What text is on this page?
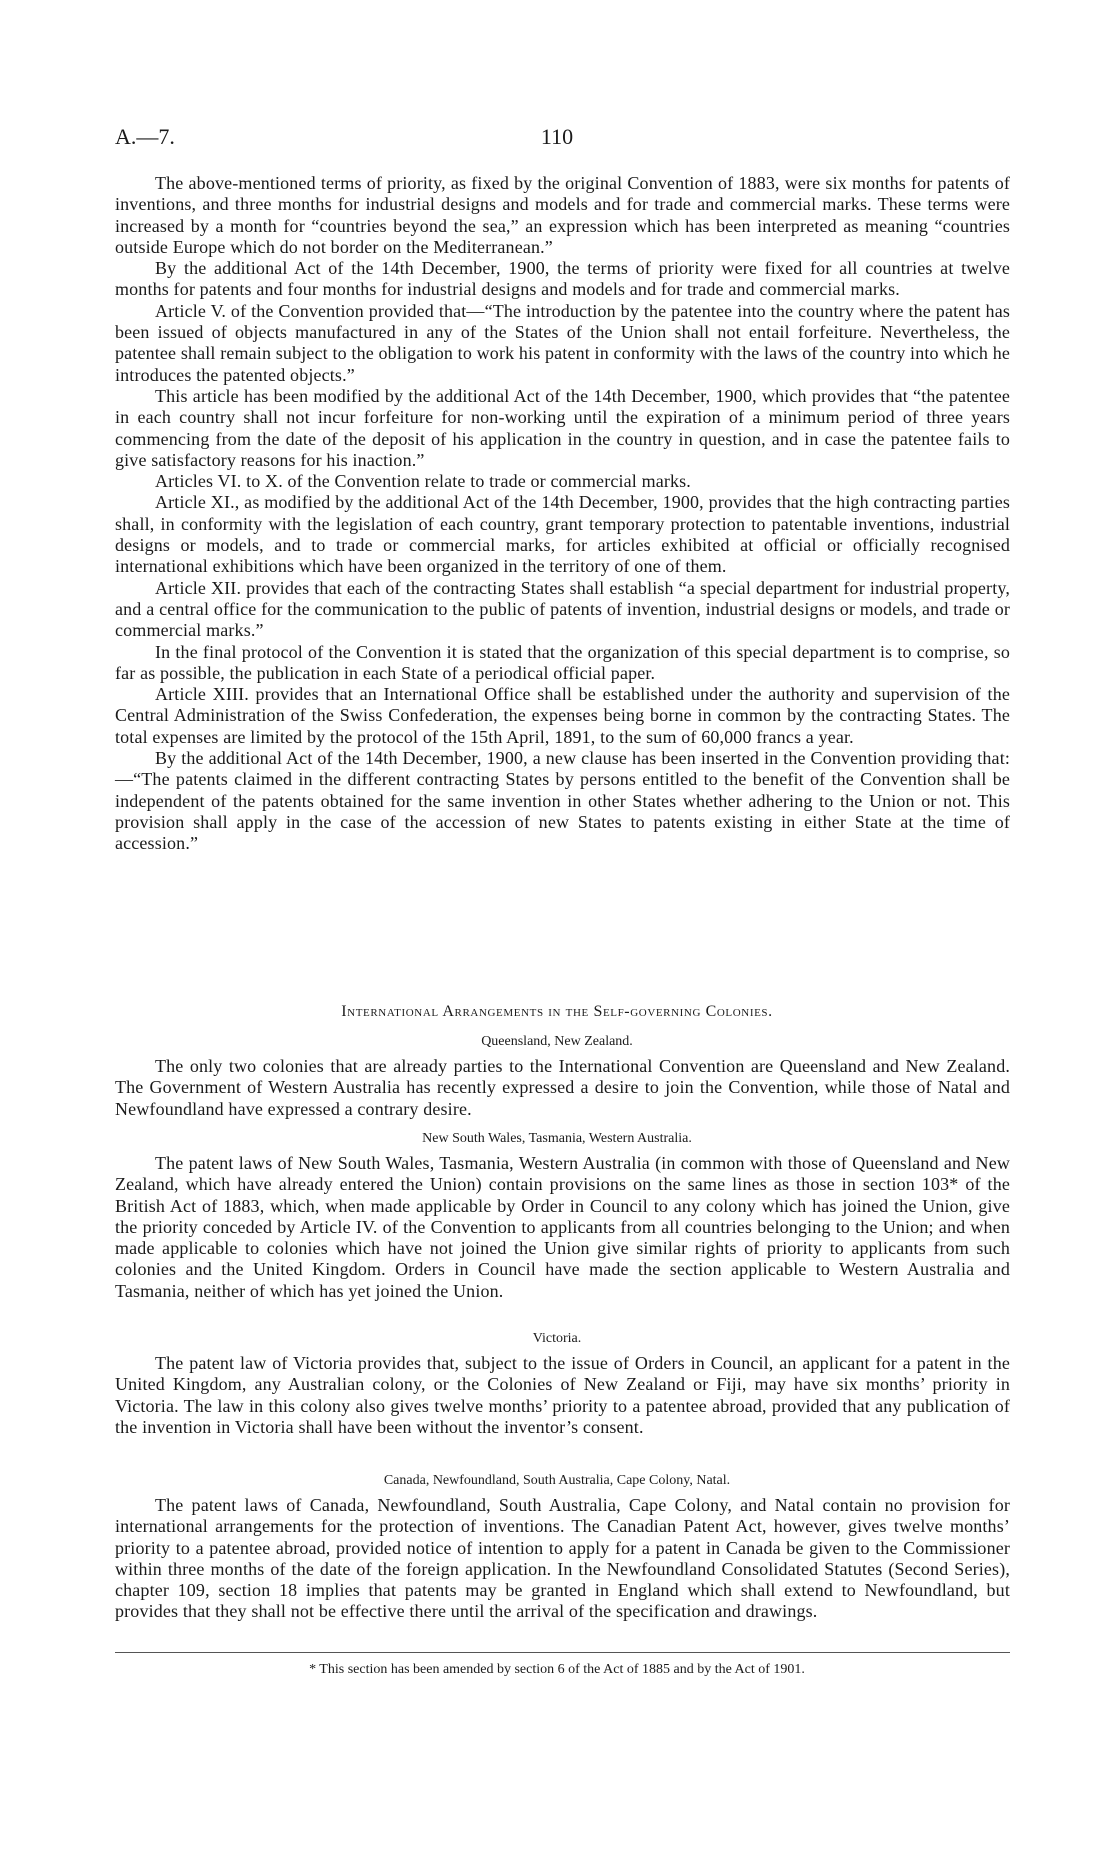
A.—7.	110

The above-mentioned terms of priority, as fixed by the original Convention of 1883, were six months for patents of inventions, and three months for industrial designs and models and for trade and commercial marks. These terms were increased by a month for “countries beyond the sea,” an expression which has been interpreted as meaning “countries outside Europe which do not border on the Mediterranean.”

By the additional Act of the 14th December, 1900, the terms of priority were fixed for all countries at twelve months for patents and four months for industrial designs and models and for trade and commercial marks.

Article V. of the Convention provided that—“The introduction by the patentee into the country where the patent has been issued of objects manufactured in any of the States of the Union shall not entail forfeiture. Nevertheless, the patentee shall remain subject to the obligation to work his patent in conformity with the laws of the country into which he introduces the patented objects.”

This article has been modified by the additional Act of the 14th December, 1900, which provides that “the patentee in each country shall not incur forfeiture for non-working until the expiration of a minimum period of three years commencing from the date of the deposit of his application in the country in question, and in case the patentee fails to give satisfactory reasons for his inaction.”

Articles VI. to X. of the Convention relate to trade or commercial marks.

Article XI., as modified by the additional Act of the 14th December, 1900, provides that the high contracting parties shall, in conformity with the legislation of each country, grant temporary protection to patentable inventions, industrial designs or models, and to trade or commercial marks, for articles exhibited at official or officially recognised international exhibitions which have been organized in the territory of one of them.

Article XII. provides that each of the contracting States shall establish “a special department for industrial property, and a central office for the communication to the public of patents of invention, industrial designs or models, and trade or commercial marks.”

In the final protocol of the Convention it is stated that the organization of this special department is to comprise, so far as possible, the publication in each State of a periodical official paper.

Article XIII. provides that an International Office shall be established under the authority and supervision of the Central Administration of the Swiss Confederation, the expenses being borne in common by the contracting States. The total expenses are limited by the protocol of the 15th April, 1891, to the sum of 60,000 francs a year.

By the additional Act of the 14th December, 1900, a new clause has been inserted in the Convention providing that:—“The patents claimed in the different contracting States by persons entitled to the benefit of the Convention shall be independent of the patents obtained for the same invention in other States whether adhering to the Union or not. This provision shall apply in the case of the accession of new States to patents existing in either State at the time of accession.”

International Arrangements in the Self-governing Colonies.
Queensland, New Zealand.

The only two colonies that are already parties to the International Convention are Queensland and New Zealand. The Government of Western Australia has recently expressed a desire to join the Convention, while those of Natal and Newfoundland have expressed a contrary desire.

New South Wales, Tasmania, Western Australia.

The patent laws of New South Wales, Tasmania, Western Australia (in common with those of Queensland and New Zealand, which have already entered the Union) contain provisions on the same lines as those in section 103* of the British Act of 1883, which, when made applicable by Order in Council to any colony which has joined the Union, give the priority conceded by Article IV. of the Convention to applicants from all countries belonging to the Union; and when made applicable to colonies which have not joined the Union give similar rights of priority to applicants from such colonies and the United Kingdom. Orders in Council have made the section applicable to Western Australia and Tasmania, neither of which has yet joined the Union.

Victoria.

The patent law of Victoria provides that, subject to the issue of Orders in Council, an applicant for a patent in the United Kingdom, any Australian colony, or the Colonies of New Zealand or Fiji, may have six months’ priority in Victoria. The law in this colony also gives twelve months’ priority to a patentee abroad, provided that any publication of the invention in Victoria shall have been without the inventor’s consent.

Canada, Newfoundland, South Australia, Cape Colony, Natal.

The patent laws of Canada, Newfoundland, South Australia, Cape Colony, and Natal contain no provision for international arrangements for the protection of inventions. The Canadian Patent Act, however, gives twelve months’ priority to a patentee abroad, provided notice of intention to apply for a patent in Canada be given to the Commissioner within three months of the date of the foreign application. In the Newfoundland Consolidated Statutes (Second Series), chapter 109, section 18 implies that patents may be granted in England which shall extend to Newfoundland, but provides that they shall not be effective there until the arrival of the specification and drawings.

* This section has been amended by section 6 of the Act of 1885 and by the Act of 1901.
